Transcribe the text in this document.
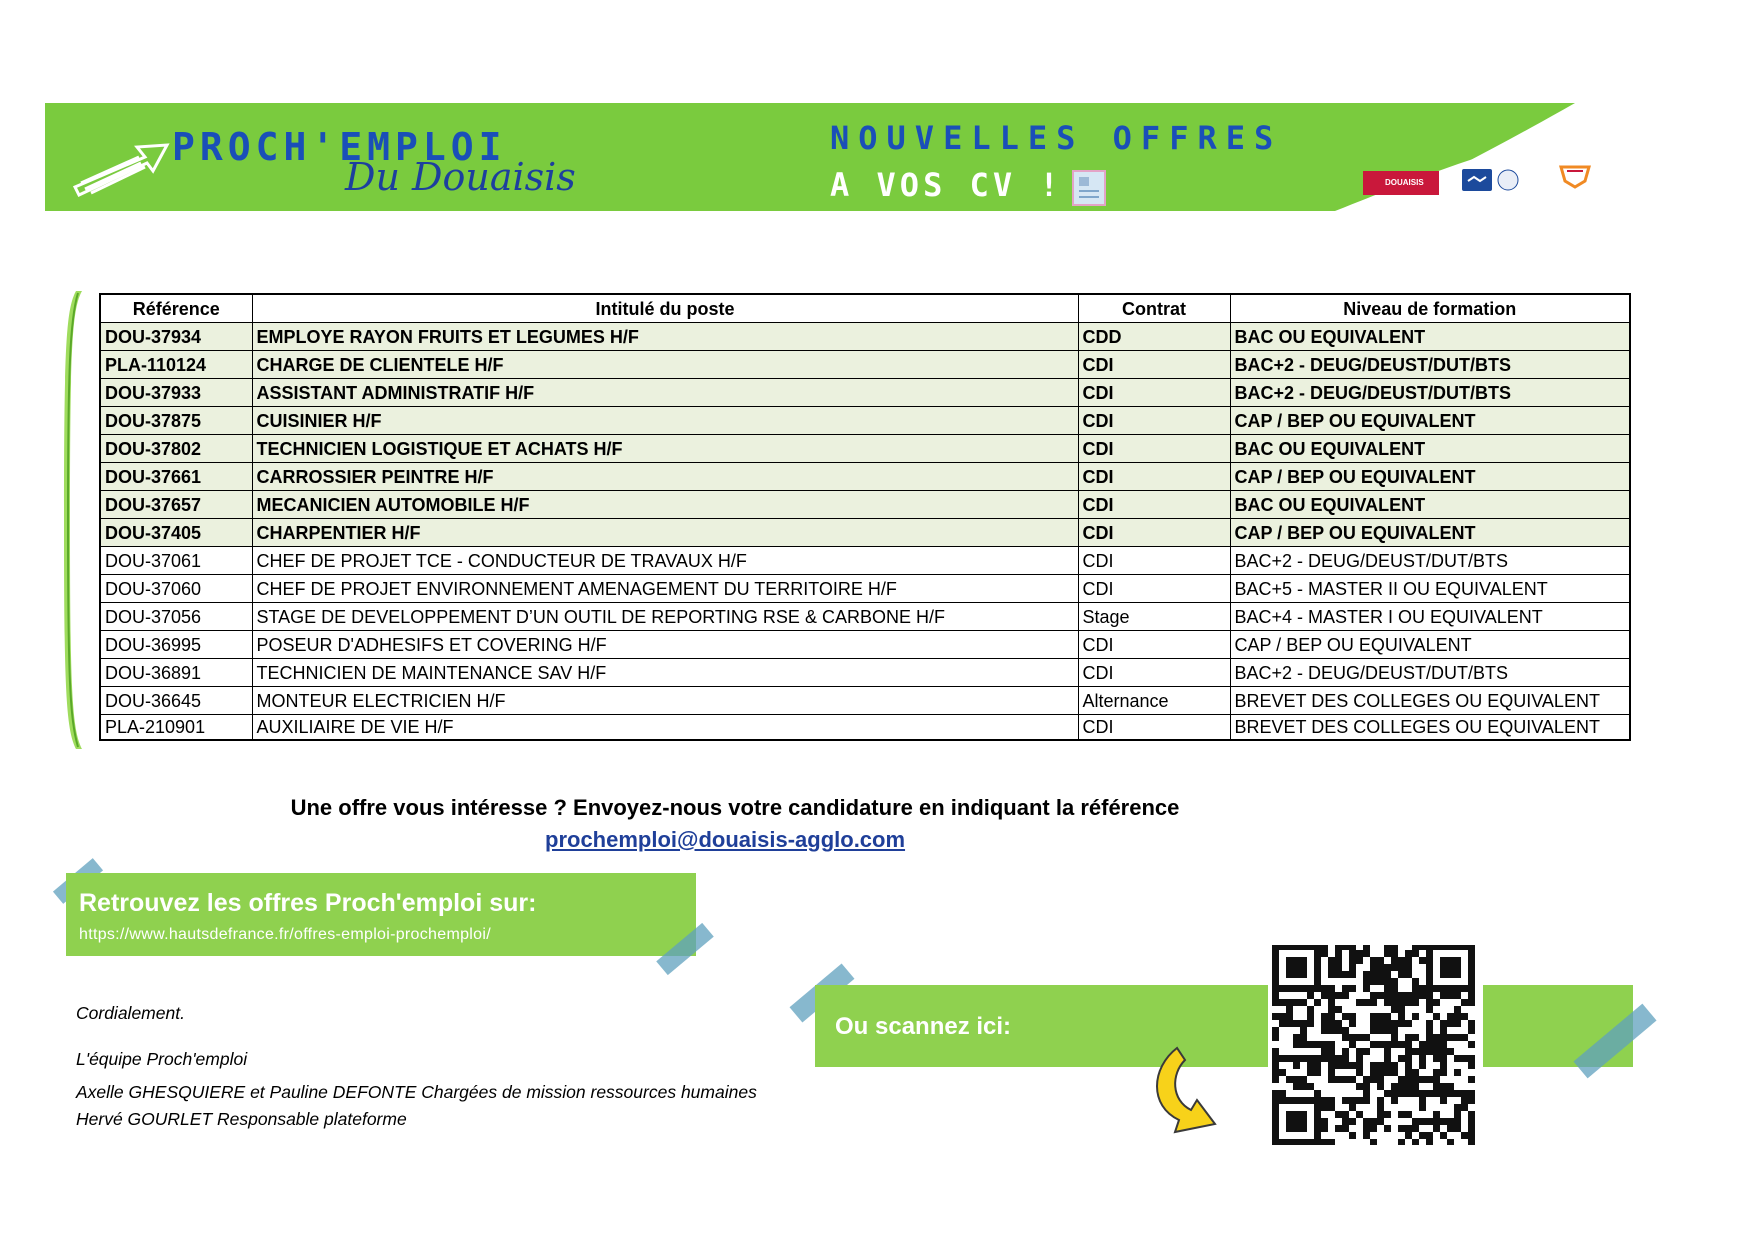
PROCH'EMPLOI
Du Douaisis
NOUVELLES OFFRES
A VOS CV !	DOUAISIS
Référence	Intitulé du poste	Contrat	Niveau de formation
DOU-37934	EMPLOYE RAYON FRUITS ET LEGUMES H/F	CDD	BAC OU EQUIVALENT
PLA-110124	CHARGE DE CLIENTELE H/F	CDI	BAC+2 - DEUG/DEUST/DUT/BTS
DOU-37933	ASSISTANT ADMINISTRATIF H/F	CDI	BAC+2 - DEUG/DEUST/DUT/BTS
DOU-37875	CUISINIER H/F	CDI	CAP / BEP OU EQUIVALENT
DOU-37802	TECHNICIEN LOGISTIQUE ET ACHATS H/F	CDI	BAC OU EQUIVALENT
DOU-37661	CARROSSIER PEINTRE H/F	CDI	CAP / BEP OU EQUIVALENT
DOU-37657	MECANICIEN AUTOMOBILE H/F	CDI	BAC OU EQUIVALENT
DOU-37405	CHARPENTIER H/F	CDI	CAP / BEP OU EQUIVALENT
DOU-37061	CHEF DE PROJET TCE - CONDUCTEUR DE TRAVAUX H/F	CDI	BAC+2 - DEUG/DEUST/DUT/BTS
DOU-37060	CHEF DE PROJET ENVIRONNEMENT AMENAGEMENT DU TERRITOIRE H/F	CDI	BAC+5 - MASTER II OU EQUIVALENT
DOU-37056	STAGE DE DEVELOPPEMENT D’UN OUTIL DE REPORTING RSE & CARBONE H/F	Stage	BAC+4 - MASTER I OU EQUIVALENT
DOU-36995	POSEUR D'ADHESIFS ET COVERING H/F	CDI	CAP / BEP OU EQUIVALENT
DOU-36891	TECHNICIEN DE MAINTENANCE SAV H/F	CDI	BAC+2 - DEUG/DEUST/DUT/BTS
DOU-36645	MONTEUR ELECTRICIEN H/F	Alternance	BREVET DES COLLEGES OU EQUIVALENT
PLA-210901	AUXILIAIRE DE VIE H/F	CDI	BREVET DES COLLEGES OU EQUIVALENT
Une offre vous intéresse ? Envoyez-nous votre candidature en indiquant la référence
prochemploi@douaisis-agglo.com
Retrouvez les offres Proch'emploi sur:
https://www.hautsdefrance.fr/offres-emploi-prochemploi/
Cordialement.
L'équipe Proch'emploi
Axelle GHESQUIERE et Pauline DEFONTE Chargées de mission ressources humaines
Hervé GOURLET Responsable plateforme
Ou scannez ici:
